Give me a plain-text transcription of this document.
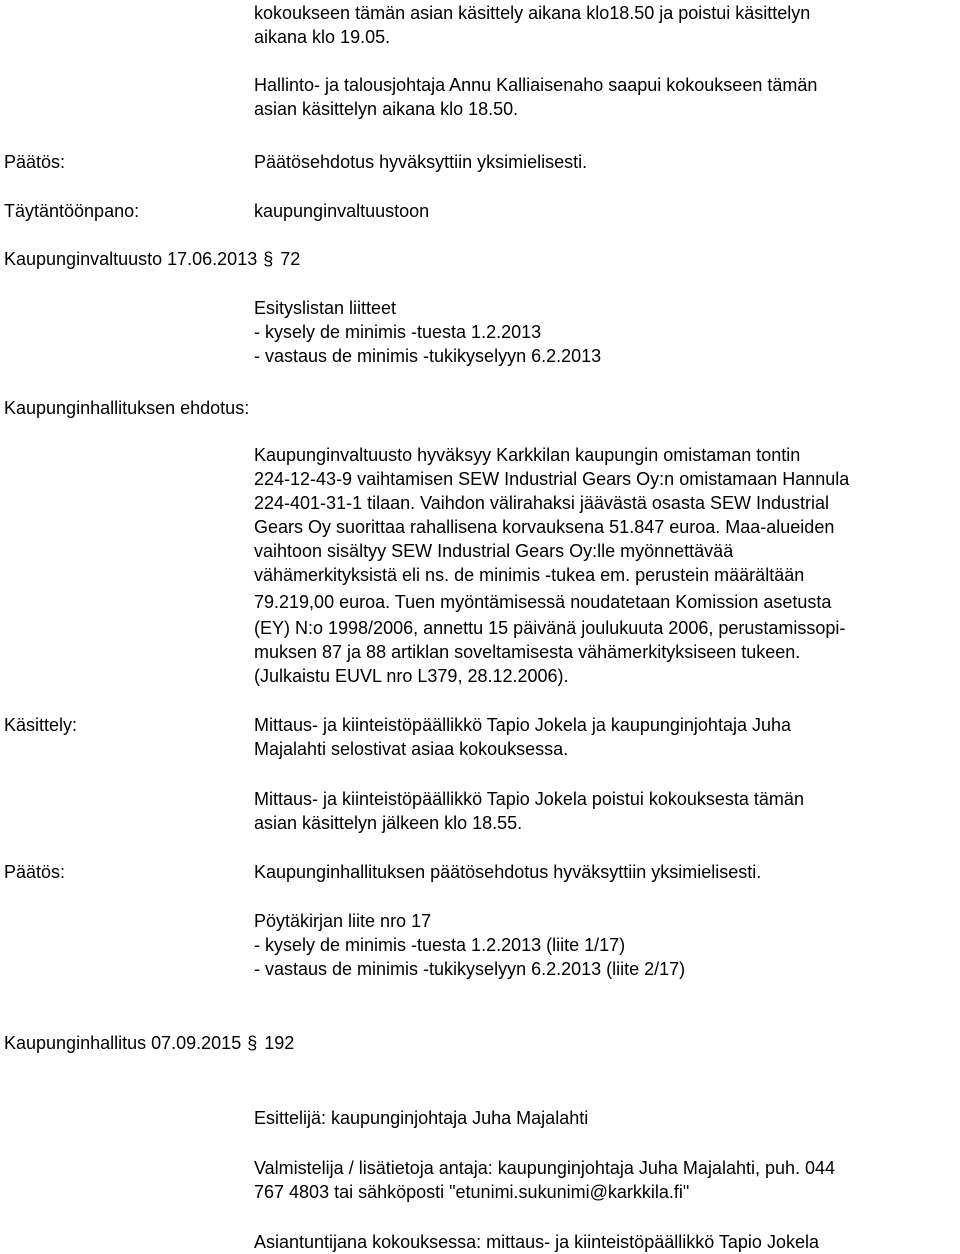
kokoukseen tämän asian käsittely aikana klo18.50 ja poistui käsittelyn

aikana klo 19.05.

Hallinto- ja talousjohtaja Annu Kalliaisenaho saapui kokoukseen tämän

asian käsittelyn aikana klo 18.50.

Päätös:	Päätösehdotus hyväksyttiin yksimielisesti.

Täytäntöönpano:	kaupunginvaltuustoon

Kaupunginvaltuusto 17.06.2013 § 72

Esityslistan liitteet

- kysely de minimis -tuesta 1.2.2013

- vastaus de minimis -tukikyselyyn 6.2.2013

Kaupunginhallituksen ehdotus:

Kaupunginvaltuusto hyväksyy Karkkilan kaupungin omistaman tontin

224-12-43-9 vaihtamisen SEW Industrial Gears Oy:n omistamaan Hannula

224-401-31-1 tilaan. Vaihdon välirahaksi jäävästä osasta SEW Industrial

Gears Oy suorittaa rahallisena korvauksena 51.847 euroa. Maa-alueiden

vaihtoon sisältyy SEW Industrial Gears Oy:lle myönnettävää

vähämerkityksistä eli ns. de minimis -tukea em. perustein määrältään

79.219,00 euroa. Tuen myöntämisessä noudatetaan Komission asetusta

(EY) N:o 1998/2006, annettu 15 päivänä joulukuuta 2006, perustamissopi-

muksen 87 ja 88 artiklan soveltamisesta vähämerkityksiseen tukeen.

(Julkaistu EUVL nro L379, 28.12.2006).

Käsittely:	Mittaus- ja kiinteistöpäällikkö Tapio Jokela ja kaupunginjohtaja Juha

Majalahti selostivat asiaa kokouksessa.

Mittaus- ja kiinteistöpäällikkö Tapio Jokela poistui kokouksesta tämän

asian käsittelyn jälkeen klo 18.55.

Päätös:	Kaupunginhallituksen päätösehdotus hyväksyttiin yksimielisesti.

Pöytäkirjan liite nro 17

- kysely de minimis -tuesta 1.2.2013 (liite 1/17)

- vastaus de minimis -tukikyselyyn 6.2.2013 (liite 2/17)

Kaupunginhallitus 07.09.2015 § 192

Esittelijä: kaupunginjohtaja Juha Majalahti

Valmistelija / lisätietoja antaja: kaupunginjohtaja Juha Majalahti, puh. 044

767 4803 tai sähköposti "etunimi.sukunimi@karkkila.fi"

Asiantuntijana kokouksessa: mittaus- ja kiinteistöpäällikkö Tapio Jokela
